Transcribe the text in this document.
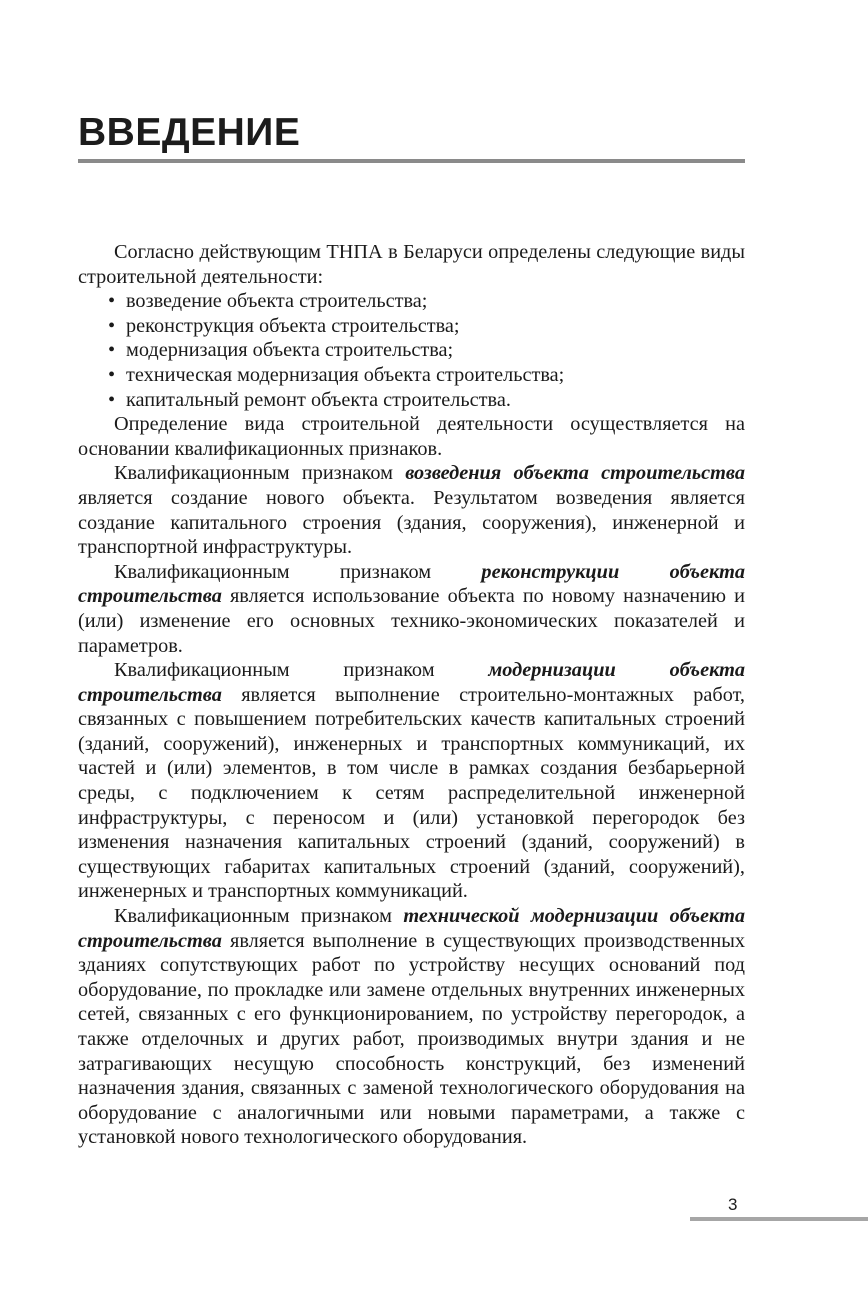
ВВЕДЕНИЕ

Согласно действующим ТНПА в Беларуси определены следующие виды строительной деятельности:

• возведение объекта строительства;
• реконструкция объекта строительства;
• модернизация объекта строительства;
• техническая модернизация объекта строительства;
• капитальный ремонт объекта строительства.

Определение вида строительной деятельности осуществляется на основании квалификационных признаков.

Квалификационным признаком возведения объекта строительства является создание нового объекта. Результатом возведения является создание капитального строения (здания, сооружения), инженерной и транспортной инфраструктуры.

Квалификационным признаком реконструкции объекта строительства является использование объекта по новому назначению и (или) изменение его основных технико-экономических показателей и параметров.

Квалификационным признаком модернизации объекта строительства является выполнение строительно-монтажных работ, связанных с повышением потребительских качеств капитальных строений (зданий, сооружений), инженерных и транспортных коммуникаций, их частей и (или) элементов, в том числе в рамках создания безбарьерной среды, с подключением к сетям распределительной инженерной инфраструктуры, с переносом и (или) установкой перегородок без изменения назначения капитальных строений (зданий, сооружений) в существующих габаритах капитальных строений (зданий, сооружений), инженерных и транспортных коммуникаций.

Квалификационным признаком технической модернизации объекта строительства является выполнение в существующих производственных зданиях сопутствующих работ по устройству несущих оснований под оборудование, по прокладке или замене отдельных внутренних инженерных сетей, связанных с его функционированием, по устройству перегородок, а также отделочных и других работ, производимых внутри здания и не затрагивающих несущую способность конструкций, без изменений назначения здания, связанных с заменой технологического оборудования на оборудование с аналогичными или новыми параметрами, а также с установкой нового технологического оборудования.

3
